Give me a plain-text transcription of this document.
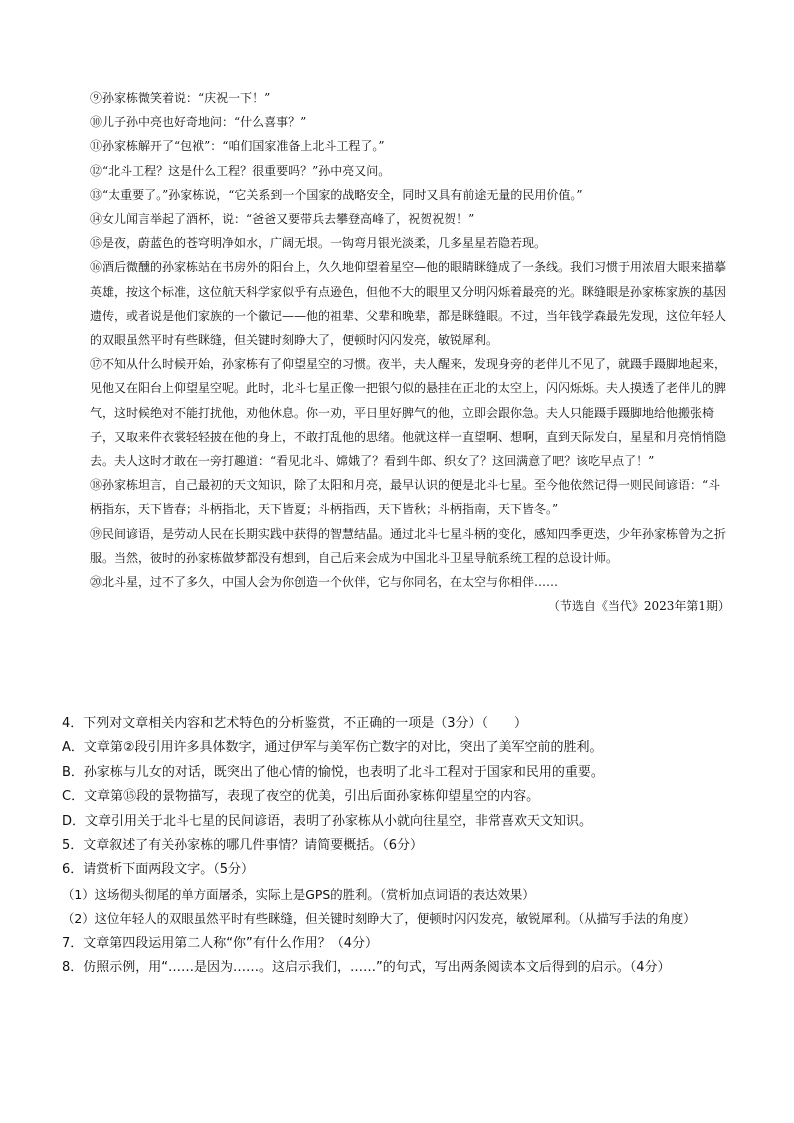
⑨孙家栋微笑着说：“庆祝一下！”

⑩儿子孙中亮也好奇地问：“什么喜事？”

⑪孙家栋解开了“包袱”：“咱们国家准备上北斗工程了。”

⑫“北斗工程？这是什么工程？很重要吗？”孙中亮又问。

⑬“太重要了。”孙家栋说，“它关系到一个国家的战略安全，同时又具有前途无量的民用价值。”

⑭女儿闻言举起了酒杯，说：“爸爸又要带兵去攀登高峰了，祝贺祝贺！”

⑮是夜，蔚蓝色的苍穹明净如水，广阔无垠。一钩弯月银光淡柔，几多星星若隐若现。

⑯酒后微醺的孙家栋站在书房外的阳台上，久久地仰望着星空—他的眼睛眯缝成了一条线。我们习惯于用浓眉大眼来描摹英雄，按这个标准，这位航天科学家似乎有点逊色，但他不大的眼里又分明闪烁着最亮的光。眯缝眼是孙家栋家族的基因遗传，或者说是他们家族的一个徽记——他的祖辈、父辈和晚辈，都是眯缝眼。不过，当年钱学森最先发现，这位年轻人的双眼虽然平时有些眯缝，但关键时刻睁大了，便顿时闪闪发亮，敏锐犀利。

⑰不知从什么时候开始，孙家栋有了仰望星空的习惯。夜半，夫人醒来，发现身旁的老伴儿不见了，就蹑手蹑脚地起来，见他又在阳台上仰望星空呢。此时，北斗七星正像一把银勺似的悬挂在正北的太空上，闪闪烁烁。夫人摸透了老伴儿的脾气，这时候绝对不能打扰他，劝他休息。你一劝，平日里好脾气的他，立即会跟你急。夫人只能蹑手蹑脚地给他搬张椅子，又取来件衣裳轻轻披在他的身上，不敢打乱他的思绪。他就这样一直望啊、想啊，直到天际发白，星星和月亮悄悄隐去。夫人这时才敢在一旁打趣道：“看见北斗、嫦娥了？看到牛郎、织女了？这回满意了吧？该吃早点了！”

⑱孙家栋坦言，自己最初的天文知识，除了太阳和月亮，最早认识的便是北斗七星。至今他依然记得一则民间谚语：“斗柄指东，天下皆春；斗柄指北，天下皆夏；斗柄指西，天下皆秋；斗柄指南，天下皆冬。”

⑲民间谚语，是劳动人民在长期实践中获得的智慧结晶。通过北斗七星斗柄的变化，感知四季更迭，少年孙家栋曾为之折服。当然，彼时的孙家栋做梦都没有想到，自己后来会成为中国北斗卫星导航系统工程的总设计师。

⑳北斗星，过不了多久，中国人会为你创造一个伙伴，它与你同名，在太空与你相伴……

（节选自《当代》2023年第1期）

4．下列对文章相关内容和艺术特色的分析鉴赏，不正确的一项是（3分）（　　）

A．文章第②段引用许多具体数字，通过伊军与美军伤亡数字的对比，突出了美军空前的胜利。

B．孙家栋与儿女的对话，既突出了他心情的愉悦，也表明了北斗工程对于国家和民用的重要。

C．文章第⑮段的景物描写，表现了夜空的优美，引出后面孙家栋仰望星空的内容。

D．文章引用关于北斗七星的民间谚语，表明了孙家栋从小就向往星空，非常喜欢天文知识。

5．文章叙述了有关孙家栋的哪几件事情？请简要概括。（6分）

6．请赏析下面两段文字。（5分）

（1）这场彻头彻尾的单方面屠杀，实际上是GPS的胜利。（赏析加点词语的表达效果）

（2）这位年轻人的双眼虽然平时有些眯缝，但关键时刻睁大了，便顿时闪闪发亮，敏锐犀利。（从描写手法的角度）

7．文章第四段运用第二人称“你”有什么作用？（4分）

8．仿照示例，用“……是因为……。这启示我们，……”的句式，写出两条阅读本文后得到的启示。（4分）
